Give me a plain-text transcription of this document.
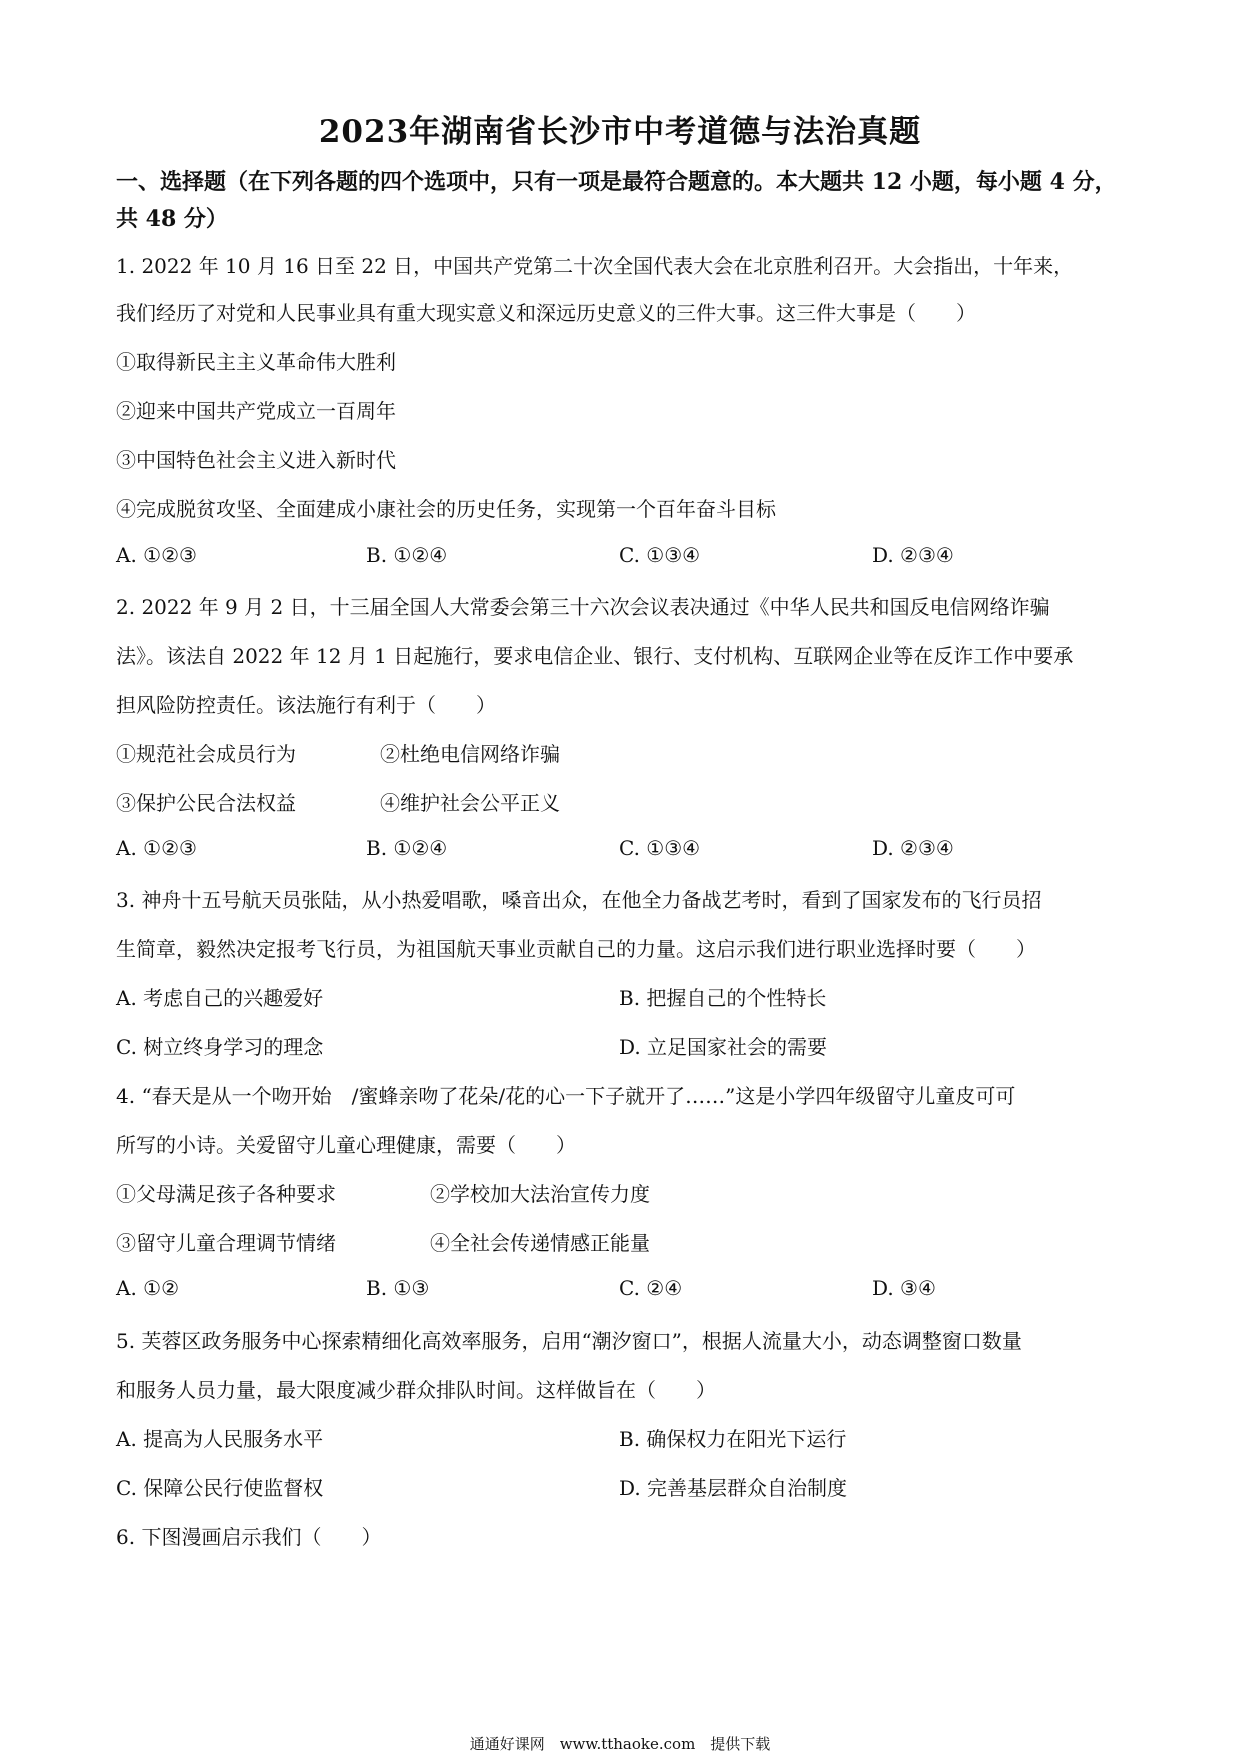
2023年湖南省长沙市中考道德与法治真题
一、选择题（在下列各题的四个选项中，只有一项是最符合题意的。本大题共 12 小题，每小题 4 分，共 48 分）
1. 2022 年 10 月 16 日至 22 日，中国共产党第二十次全国代表大会在北京胜利召开。大会指出，十年来，
我们经历了对党和人民事业具有重大现实意义和深远历史意义的三件大事。这三件大事是（　　）
①取得新民主主义革命伟大胜利
②迎来中国共产党成立一百周年
③中国特色社会主义进入新时代
④完成脱贫攻坚、全面建成小康社会的历史任务，实现第一个百年奋斗目标
A. ①②③	B. ①②④	C. ①③④	D. ②③④
2. 2022 年 9 月 2 日，十三届全国人大常委会第三十六次会议表决通过《中华人民共和国反电信网络诈骗
法》。该法自 2022 年 12 月 1 日起施行，要求电信企业、银行、支付机构、互联网企业等在反诈工作中要承
担风险防控责任。该法施行有利于（　　）
①规范社会成员行为	②杜绝电信网络诈骗
③保护公民合法权益	④维护社会公平正义
A. ①②③	B. ①②④	C. ①③④	D. ②③④
3. 神舟十五号航天员张陆，从小热爱唱歌，嗓音出众，在他全力备战艺考时，看到了国家发布的飞行员招
生简章，毅然决定报考飞行员，为祖国航天事业贡献自己的力量。这启示我们进行职业选择时要（　　）
A. 考虑自己的兴趣爱好	B. 把握自己的个性特长
C. 树立终身学习的理念	D. 立足国家社会的需要
4. “春天是从一个吻开始　/蜜蜂亲吻了花朵/花的心一下子就开了……”这是小学四年级留守儿童皮可可
所写的小诗。关爱留守儿童心理健康，需要（　　）
①父母满足孩子各种要求	②学校加大法治宣传力度
③留守儿童合理调节情绪	④全社会传递情感正能量
A. ①②	B. ①③	C. ②④	D. ③④
5. 芙蓉区政务服务中心探索精细化高效率服务，启用“潮汐窗口”，根据人流量大小，动态调整窗口数量
和服务人员力量，最大限度减少群众排队时间。这样做旨在（　　）
A. 提高为人民服务水平	B. 确保权力在阳光下运行
C. 保障公民行使监督权	D. 完善基层群众自治制度
6. 下图漫画启示我们（　　）
通通好课网　www.tthaoke.com　提供下载
